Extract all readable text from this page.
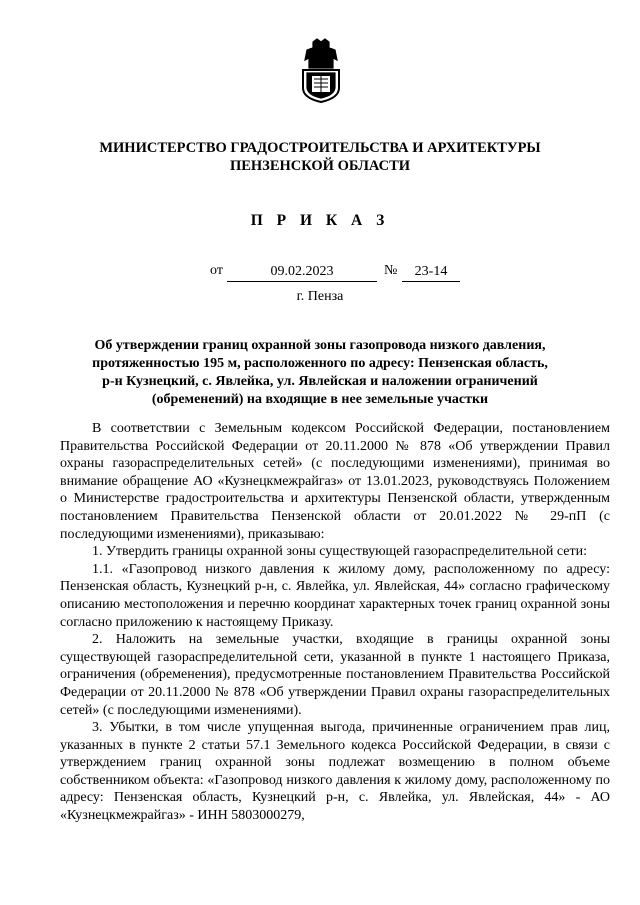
МИНИСТЕРСТВО ГРАДОСТРОИТЕЛЬСТВА И АРХИТЕКТУРЫ
ПЕНЗЕНСКОЙ ОБЛАСТИ
П Р И К А З
от	09.02.2023	№	23-14
г. Пенза
Об утверждении границ охранной зоны газопровода низкого давления,
протяженностью 195 м, расположенного по адресу: Пензенская область,
р-н Кузнецкий, с. Явлейка, ул. Явлейская и наложении ограничений
(обременений) на входящие в нее земельные участки

В соответствии с Земельным кодексом Российской Федерации, постановлением Правительства Российской Федерации от 20.11.2000 № 878 «Об утверждении Правил охраны газораспределительных сетей» (с последующими изменениями), принимая во внимание обращение АО «Кузнецкмежрайгаз» от 13.01.2023, руководствуясь Положением о Министерстве градостроительства и архитектуры Пензенской области, утвержденным постановлением Правительства Пензенской области от 20.01.2022 № 29-пП (с последующими изменениями), приказываю:

1. Утвердить границы охранной зоны существующей газораспределительной сети:

1.1. «Газопровод низкого давления к жилому дому, расположенному по адресу: Пензенская область, Кузнецкий р-н, с. Явлейка, ул. Явлейская, 44» согласно графическому описанию местоположения и перечню координат характерных точек границ охранной зоны согласно приложению к настоящему Приказу.

2. Наложить на земельные участки, входящие в границы охранной зоны существующей газораспределительной сети, указанной в пункте 1 настоящего Приказа, ограничения (обременения), предусмотренные постановлением Правительства Российской Федерации от 20.11.2000 № 878 «Об утверждении Правил охраны газораспределительных сетей» (с последующими изменениями).

3. Убытки, в том числе упущенная выгода, причиненные ограничением прав лиц, указанных в пункте 2 статьи 57.1 Земельного кодекса Российской Федерации, в связи с утверждением границ охранной зоны подлежат возмещению в полном объеме собственником объекта: «Газопровод низкого давления к жилому дому, расположенному по адресу: Пензенская область, Кузнецкий р-н, с. Явлейка, ул. Явлейская, 44» - АО «Кузнецкмежрайгаз» - ИНН 5803000279,
